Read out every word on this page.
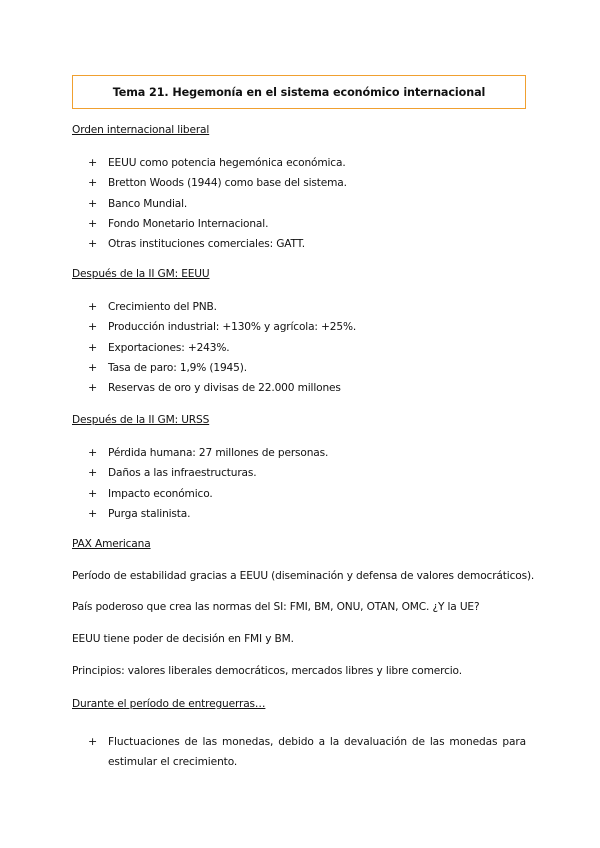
Tema 21. Hegemonía en el sistema económico internacional
Orden internacional liberal
+ EEUU como potencia hegemónica económica.
+ Bretton Woods (1944) como base del sistema.
+ Banco Mundial.
+ Fondo Monetario Internacional.
+ Otras instituciones comerciales: GATT.
Después de la II GM: EEUU
+ Crecimiento del PNB.
+ Producción industrial: +130% y agrícola: +25%.
+ Exportaciones: +243%.
+ Tasa de paro: 1,9% (1945).
+ Reservas de oro y divisas de 22.000 millones
Después de la II GM: URSS
+ Pérdida humana: 27 millones de personas.
+ Daños a las infraestructuras.
+ Impacto económico.
+ Purga stalinista.
PAX Americana
Período de estabilidad gracias a EEUU (diseminación y defensa de valores democráticos).
País poderoso que crea las normas del SI: FMI, BM, ONU, OTAN, OMC. ¿Y la UE?
EEUU tiene poder de decisión en FMI y BM.
Principios: valores liberales democráticos, mercados libres y libre comercio.
Durante el período de entreguerras…
+ Fluctuaciones de las monedas, debido a la devaluación de las monedas para estimular el crecimiento.
